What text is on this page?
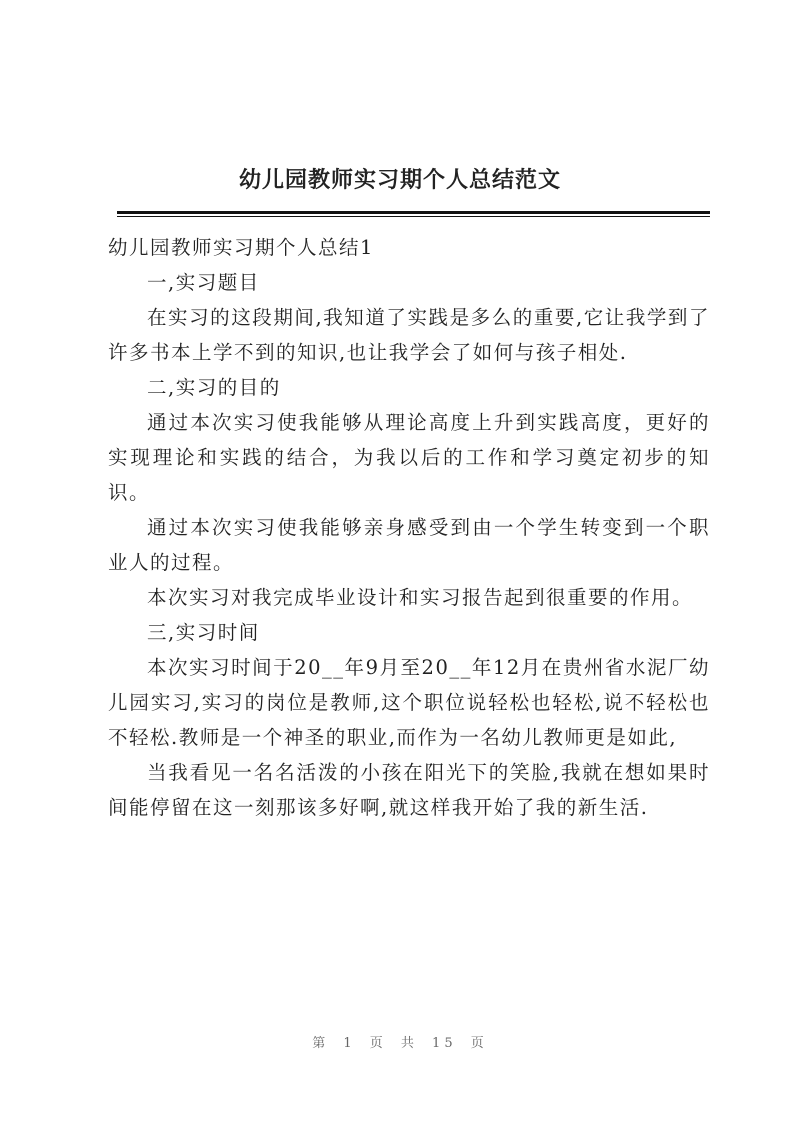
幼儿园教师实习期个人总结范文

幼儿园教师实习期个人总结1

一,实习题目

在实习的这段期间,我知道了实践是多么的重要,它让我学到了许多书本上学不到的知识,也让我学会了如何与孩子相处.

二,实习的目的

通过本次实习使我能够从理论高度上升到实践高度，更好的实现理论和实践的结合，为我以后的工作和学习奠定初步的知识。

通过本次实习使我能够亲身感受到由一个学生转变到一个职业人的过程。

本次实习对我完成毕业设计和实习报告起到很重要的作用。

三,实习时间

本次实习时间于20__年9月至20__年12月在贵州省水泥厂幼儿园实习,实习的岗位是教师,这个职位说轻松也轻松,说不轻松也不轻松.教师是一个神圣的职业,而作为一名幼儿教师更是如此,

当我看见一名名活泼的小孩在阳光下的笑脸,我就在想如果时间能停留在这一刻那该多好啊,就这样我开始了我的新生活.

第 1 页 共 15 页
